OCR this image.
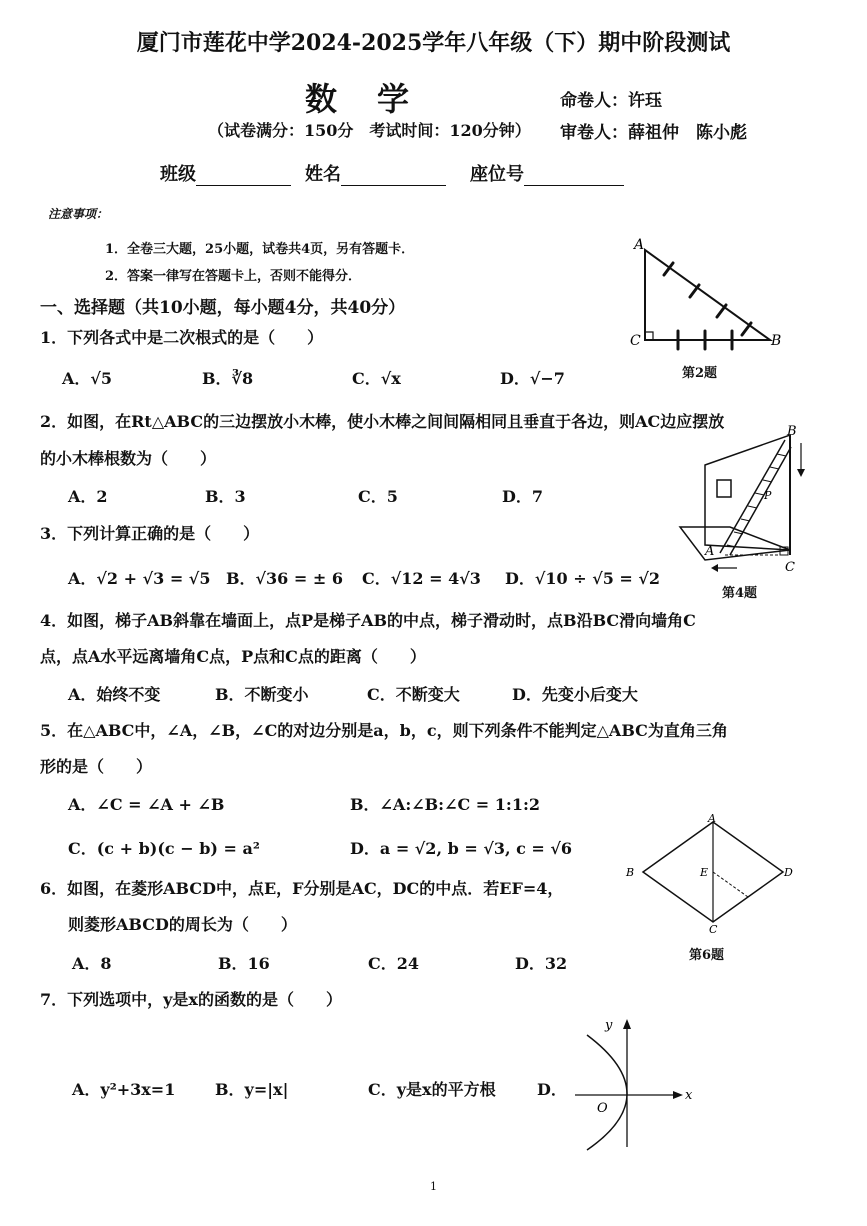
厦门市莲花中学2024-2025学年八年级（下）期中阶段测试
数学	命卷人：许珏
（试卷满分：150分　考试时间：120分钟） 审卷人：薛祖仲　陈小彪
班级	姓名	座位号
注意事项：
1．全卷三大题，25小题，试卷共4页，另有答题卡．
2．答案一律写在答题卡上，否则不能得分．
一、选择题（共10小题，每小题4分，共40分）
1．下列各式中是二次根式的是（　　）
A．√5	B．∛8	C．√x	D．√−7
2．如图，在Rt△ABC的三边摆放小木棒，使小木棒之间间隔相同且垂直于各边，则AC边应摆放
的小木棒根数为（　　）
A．2	B．3	C．5	D．7
3．下列计算正确的是（　　）
A．√2 + √3 = √5 B．√36 = ± 6 C．√12 = 4√3 D．√10 ÷ √5 = √2
4．如图，梯子AB斜靠在墙面上，点P是梯子AB的中点，梯子滑动时，点B沿BC滑向墙角C
点，点A水平远离墙角C点，P点和C点的距离（　　）
A．始终不变	B．不断变小	C．不断变大	D．先变小后变大
5．在△ABC中，∠A，∠B，∠C的对边分别是a，b，c，则下列条件不能判定△ABC为直角三角
形的是（　　）
A．∠C = ∠A + ∠B	B．∠A:∠B:∠C = 1:1:2
C．(c + b)(c − b) = a²	D．a = √2, b = √3, c = √6
6．如图，在菱形ABCD中，点E，F分别是AC，DC的中点．若EF=4，
则菱形ABCD的周长为（　　）
A．8	B．16	C．24	D．32
7．下列选项中，y是x的函数的是（　　）
A．y²+3x=1 B．y=|x|	C．y是x的平方根	D．
A
B
C
第2题
B
A
C
P
第4题
A
B
C
D
E
第6题
x
y
O
1
